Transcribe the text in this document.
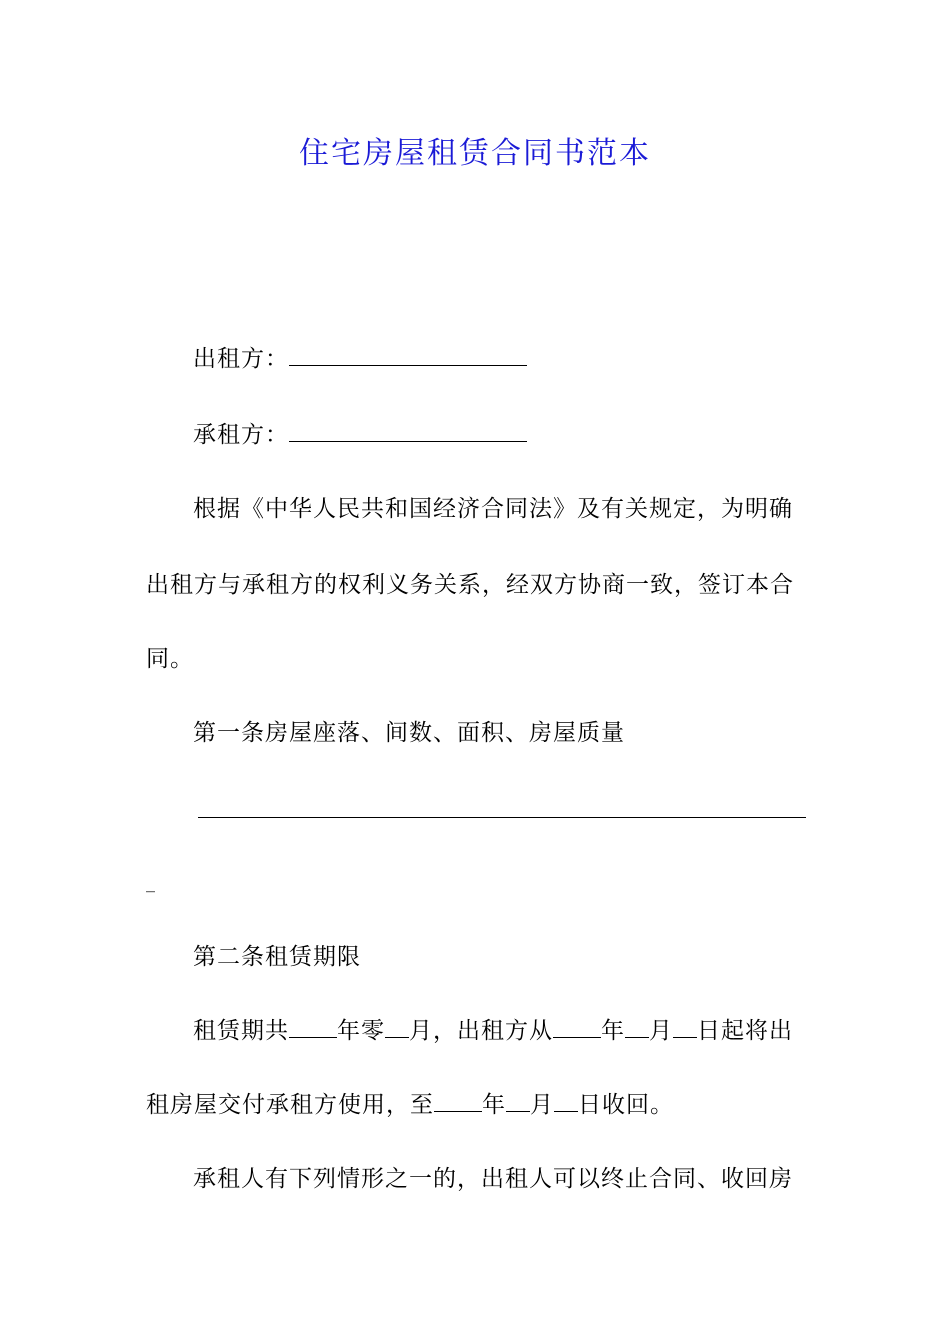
住宅房屋租赁合同书范本
出租方：
承租方：
根据《中华人民共和国经济合同法》及有关规定，为明确
出租方与承租方的权利义务关系，经双方协商一致，签订本合
同。
第一条房屋座落、间数、面积、房屋质量
_
第二条租赁期限
租赁期共 年零 月，出租方从 年 月 日起将出
租房屋交付承租方使用，至 年 月 日收回。
承租人有下列情形之一的，出租人可以终止合同、收回房
